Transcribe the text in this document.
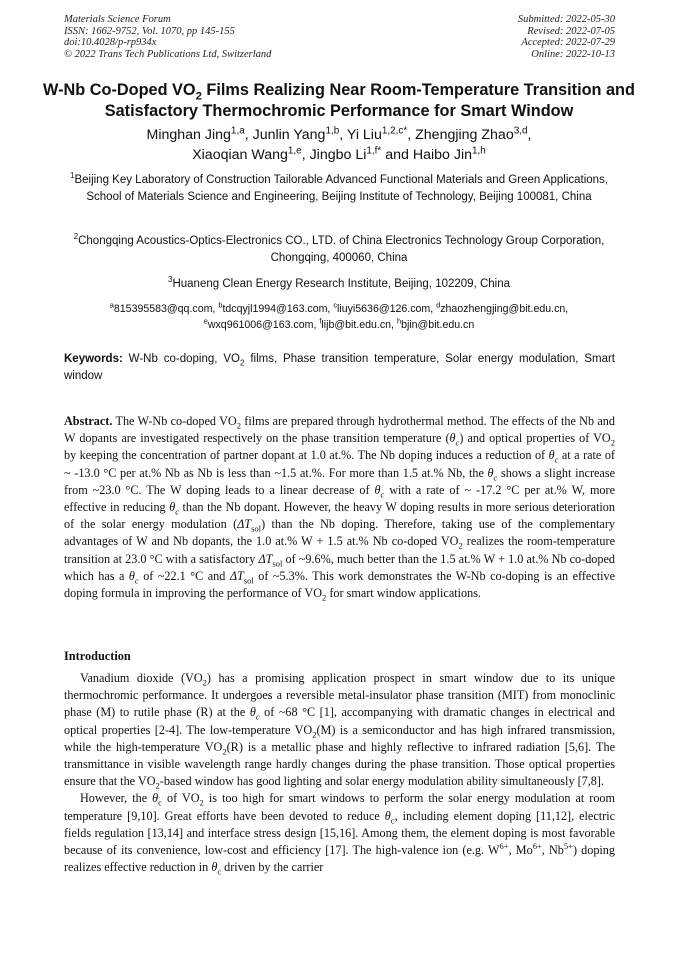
Materials Science Forum
ISSN: 1662-9752, Vol. 1070, pp 145-155
doi:10.4028/p-rp934x
© 2022 Trans Tech Publications Ltd, Switzerland
Submitted: 2022-05-30
Revised: 2022-07-05
Accepted: 2022-07-29
Online: 2022-10-13
W-Nb Co-Doped $VO_2$ Films Realizing Near Room-Temperature Transition and Satisfactory Thermochromic Performance for Smart Window
Minghan Jing$^{1,a}$, Junlin Yang$^{1,b}$, Yi Liu$^{1,2,c*}$, Zhengjing Zhao$^{3,d}$,
Xiaoqian Wang$^{1,e}$, Jingbo $Li^{1,f*}$ and Haibo Jin$^{1,h}$
$^1$Beijing Key Laboratory of Construction Tailorable Advanced Functional Materials and Green Applications, School of Materials Science and Engineering, Beijing Institute of Technology, Beijing 100081, China
$^2$Chongqing Acoustics-Optics-Electronics CO., LTD. of China Electronics Technology Group Corporation, Chongqing, 400060, China
$^3$Huaneng Clean Energy Research Institute, Beijing, 102209, China
$^a$815395583@qq.com, $^b$tdcqyjl1994@163.com, $^c$liuyi5636@126.com, $^d$zhaozhengjing@bit.edu.cn,
$^e$wxq961006@163.com, $^f$lijb@bit.edu.cn, $^h$bjin@bit.edu.cn
Keywords: W-Nb co-doping, $VO_2$ films, Phase transition temperature, Solar energy modulation, Smart window
Abstract. The W-Nb co-doped $VO_2$ films are prepared through hydrothermal method. The effects of the Nb and W dopants are investigated respectively on the phase transition temperature $(\theta_c)$ and optical properties of $VO_2$ by keeping the concentration of partner dopant at 1.0 at.%. The Nb doping induces a reduction of $\theta_c$ at a rate of ~ -13.0 °C per at.% Nb as Nb is less than ~1.5 at.%. For more than 1.5 at.% Nb, the $\theta_c$ shows a slight increase from ~23.0 °C. The W doping leads to a linear decrease of $\theta_c$ with a rate of ~ -17.2 °C per at.% W, more effective in reducing $\theta_c$ than the Nb dopant. However, the heavy W doping results in more serious deterioration of the solar energy modulation $(\Delta T_{sol})$ than the Nb doping. Therefore, taking use of the complementary advantages of W and Nb dopants, the 1.0 at.% W + 1.5 at.% Nb co-doped $VO_2$ realizes the room-temperature transition at 23.0 °C with a satisfactory $\Delta T_{sol}$ of ~9.6%, much better than the 1.5 at.% W + 1.0 at.% Nb co-doped which has a $\theta_c$ of ~22.1 °C and $\Delta T_{sol}$ of ~5.3%. This work demonstrates the W-Nb co-doping is an effective doping formula in improving the performance of $VO_2$ for smart window applications.
Introduction

Vanadium dioxide $(VO_2)$ has a promising application prospect in smart window due to its unique thermochromic performance. It undergoes a reversible metal-insulator phase transition (MIT) from monoclinic phase (M) to rutile phase (R) at the $\theta_c$ of ~68 °C [1], accompanying with dramatic changes in electrical and optical properties [2-4]. The low-temperature $VO_2(M)$ is a semiconductor and has high infrared transmission, while the high-temperature $VO_2(R)$ is a metallic phase and highly reflective to infrared radiation [5,6]. The transmittance in visible wavelength range hardly changes during the phase transition. Those optical properties ensure that the $VO_2$-based window has good lighting and solar energy modulation ability simultaneously [7,8].

However, the $\theta_c$ of $VO_2$ is too high for smart windows to perform the solar energy modulation at room temperature [9,10]. Great efforts have been devoted to reduce $\theta_c$, including element doping [11,12], electric fields regulation [13,14] and interface stress design [15,16]. Among them, the element doping is most favorable because of its convenience, low-cost and efficiency [17]. The high-valence ion (e.g. $W^{6+}$, $Mo^{6+}$, $Nb^{5+}$) doping realizes effective reduction in $\theta_c$ driven by the carrier
